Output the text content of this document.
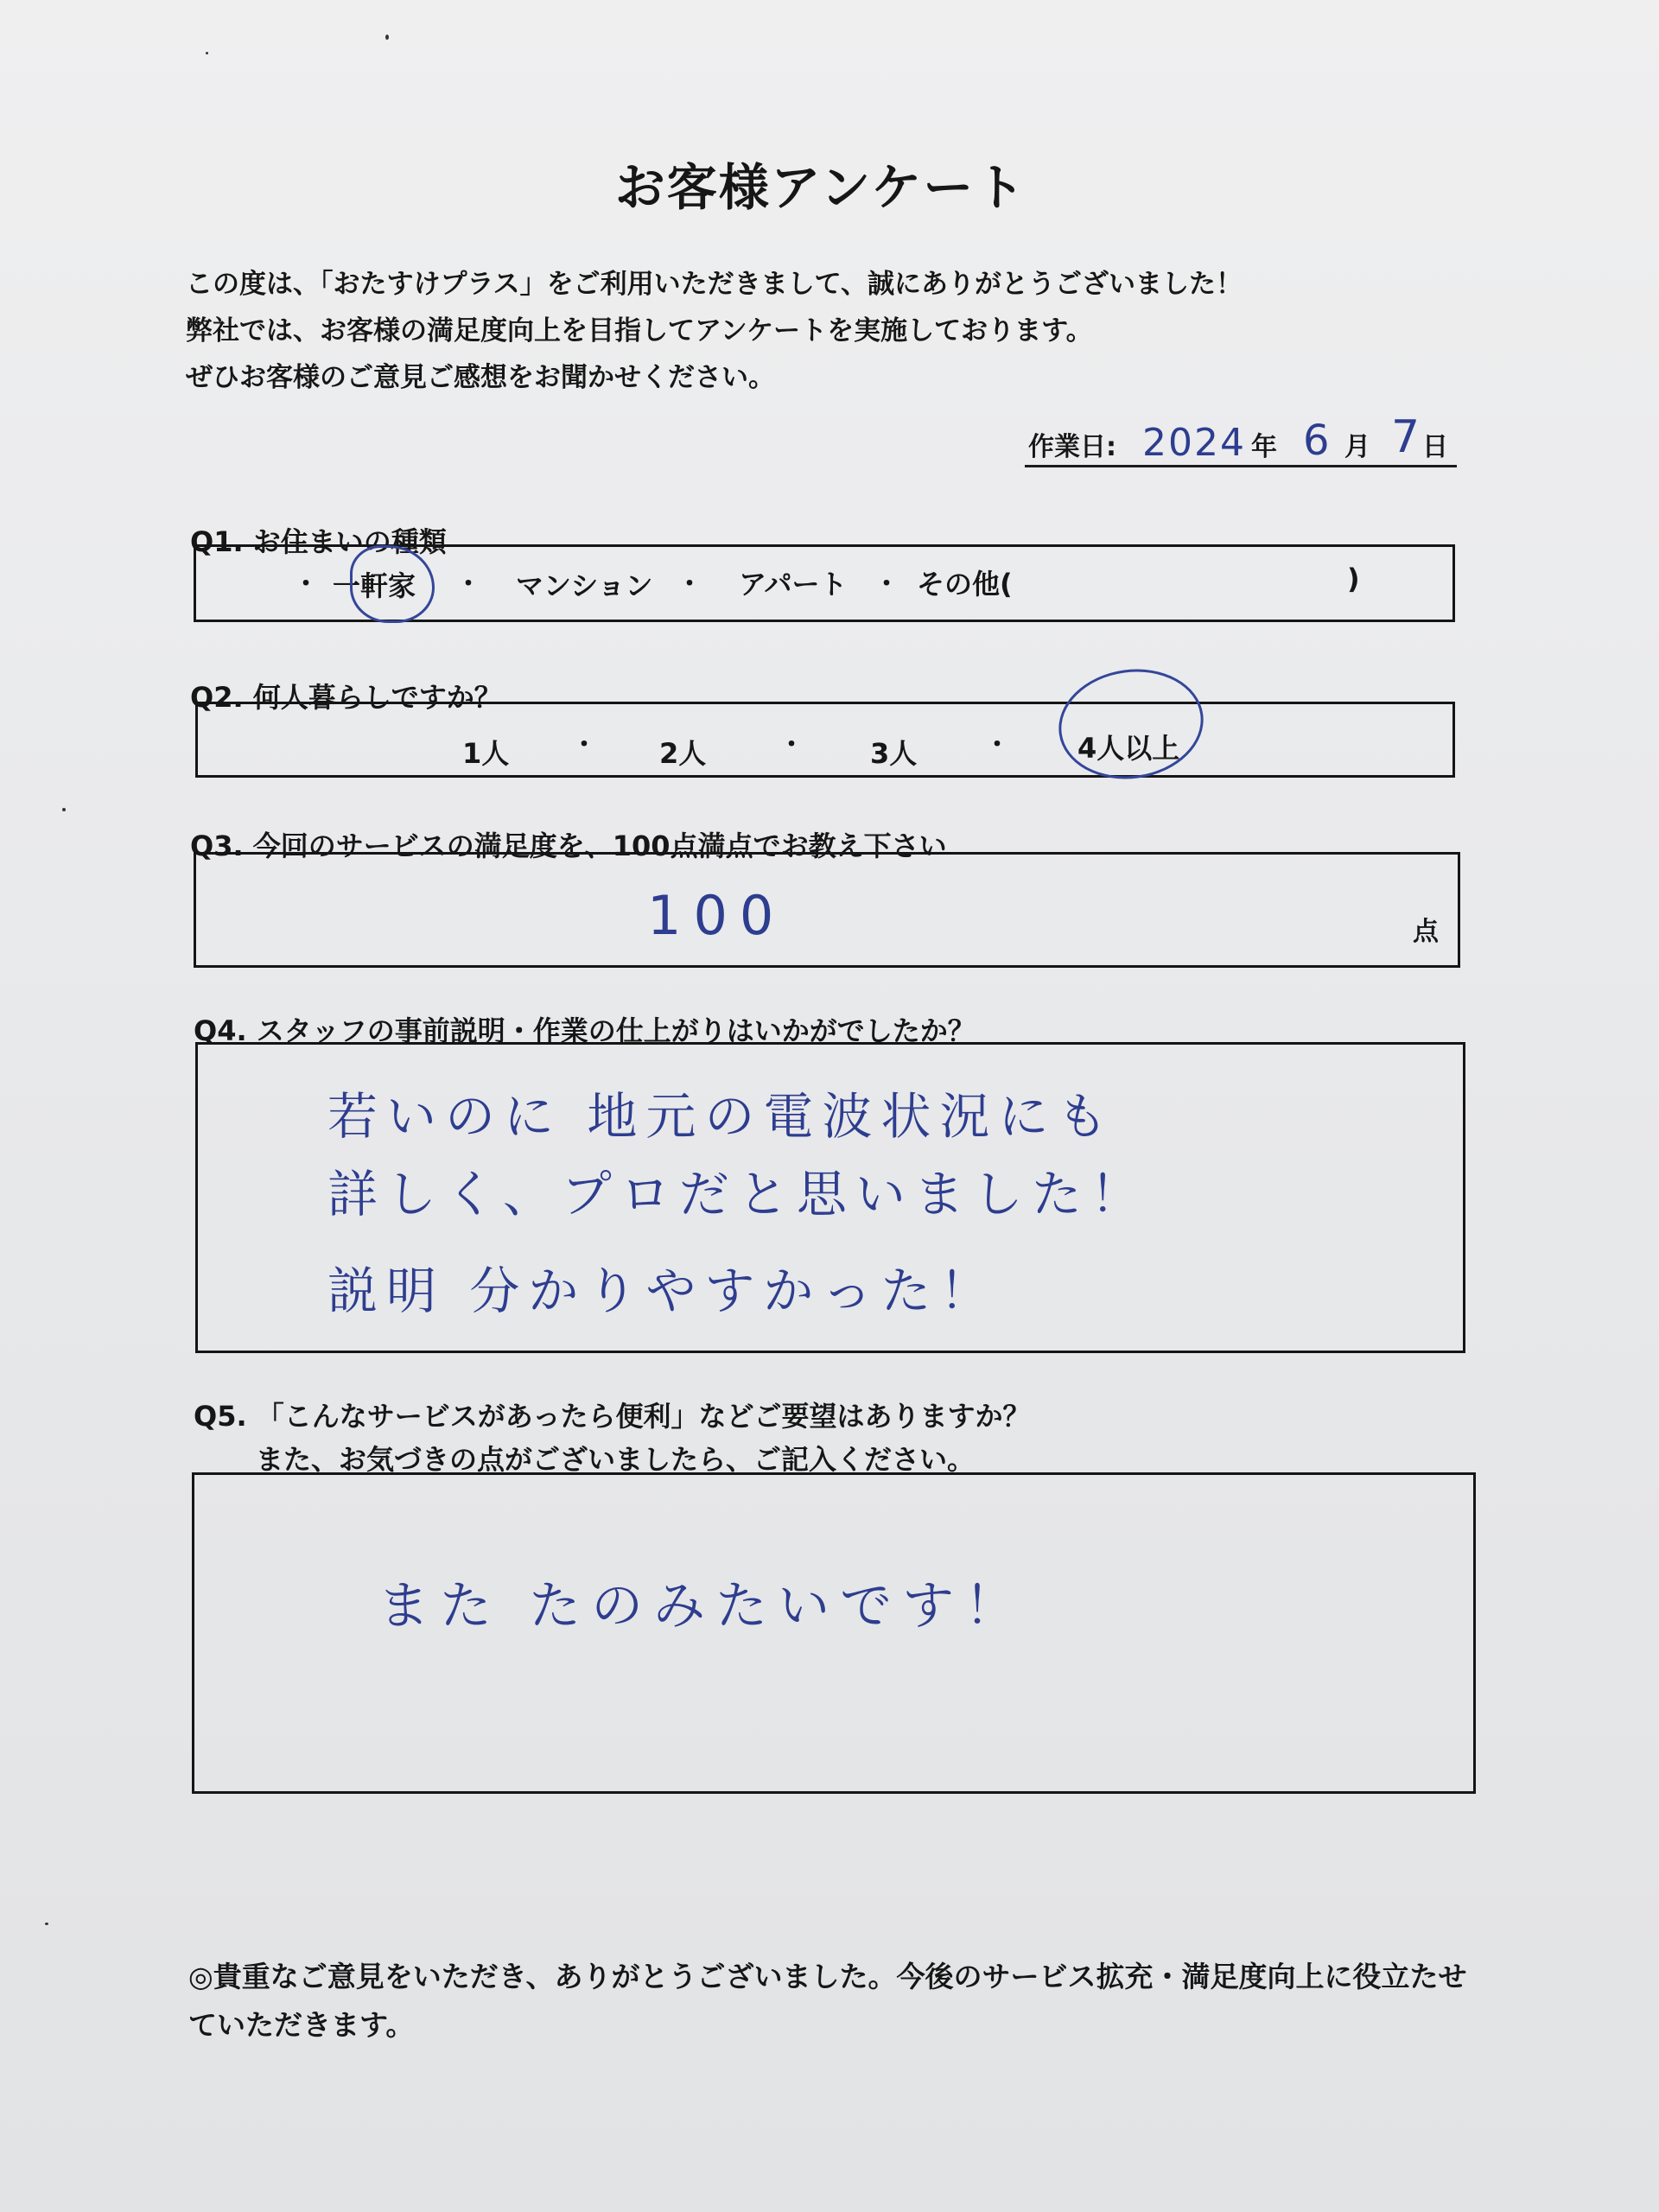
お客様アンケート
この度は、「おたすけプラス」をご利用いただきまして、誠にありがとうございました！
弊社では、お客様の満足度向上を目指してアンケートを実施しております。
ぜひお客様のご意見ご感想をお聞かせください。
作業日: 2024 年 6 月 7 日
Q1. お住まいの種類
・ 一軒家 ・ マンション ・ アパート ・ その他(	)
Q2. 何人暮らしですか？
1人 ・ 2人	・ 3人	・ 4人以上
Q3. 今回のサービスの満足度を、100点満点でお教え下さい
100	点
Q4. スタッフの事前説明・作業の仕上がりはいかがでしたか？
若いのに 地元の電波状況にも
詳しく、プロだと思いました！
説明 分かりやすかった！
Q5. 「こんなサービスがあったら便利」などご要望はありますか？
また、お気づきの点がございましたら、ご記入ください。
また たのみたいです！
◎貴重なご意見をいただき、ありがとうございました。今後のサービス拡充・満足度向上に役立たせていただきます。
